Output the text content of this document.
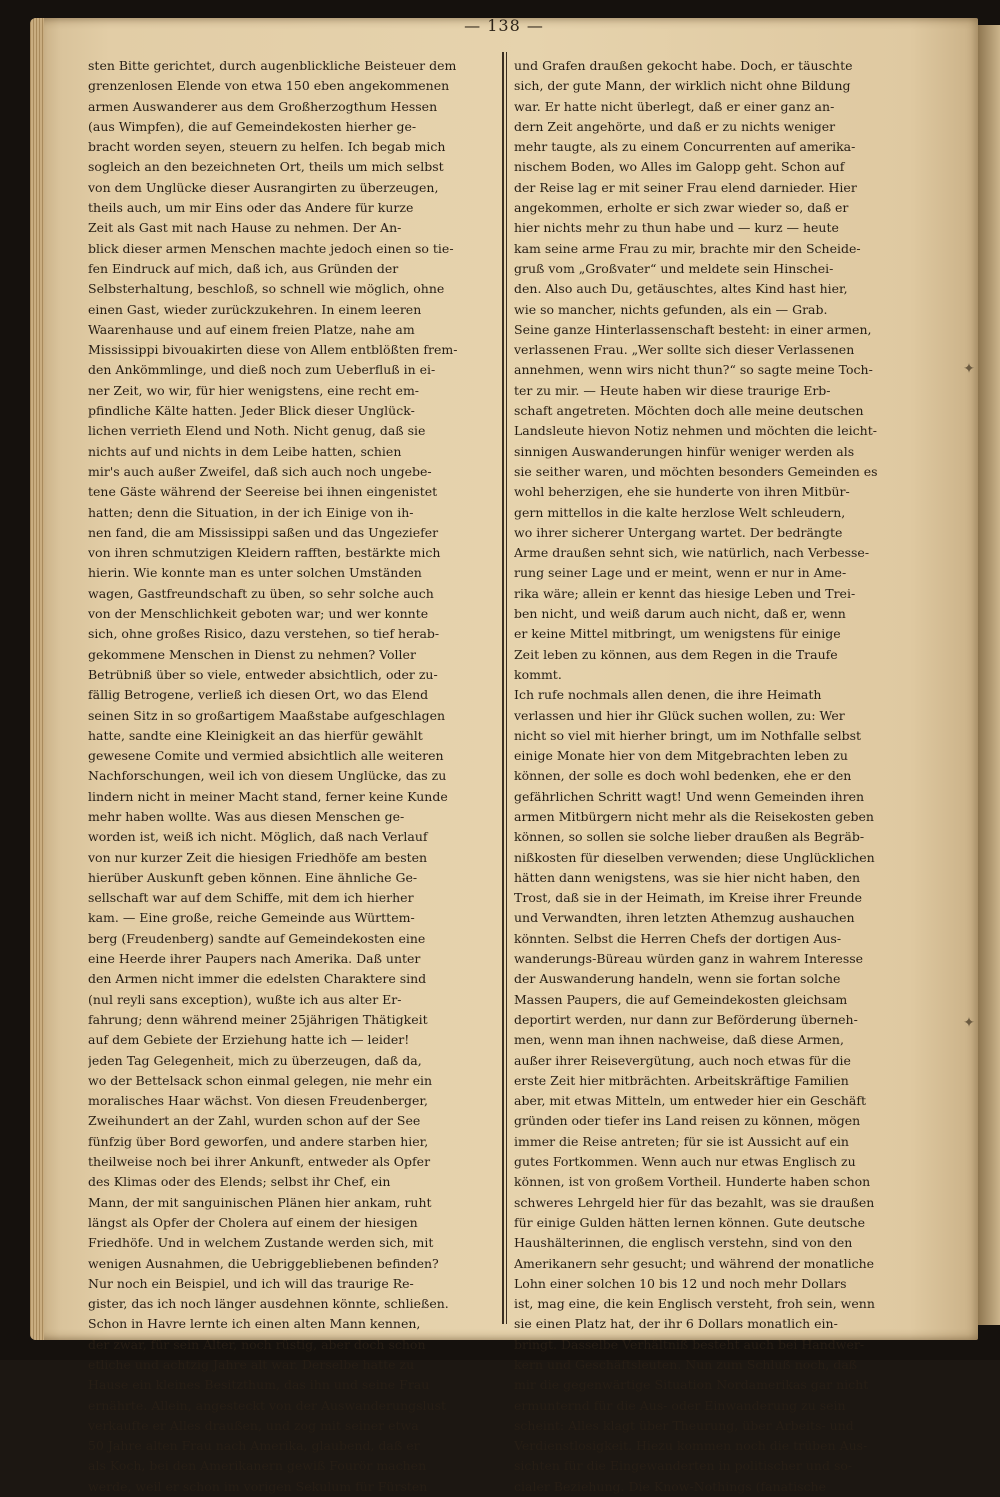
— 138 —
sten Bitte gerichtet, durch augenblickliche Beisteuer dem
grenzenlosen Elende von etwa 150 eben angekommenen
armen Auswanderer aus dem Großherzogthum Hessen
(aus Wimpfen), die auf Gemeindekosten hierher ge-
bracht worden seyen, steuern zu helfen. Ich begab mich
sogleich an den bezeichneten Ort, theils um mich selbst
von dem Unglücke dieser Ausrangirten zu überzeugen,
theils auch, um mir Eins oder das Andere für kurze
Zeit als Gast mit nach Hause zu nehmen. Der An-
blick dieser armen Menschen machte jedoch einen so tie-
fen Eindruck auf mich, daß ich, aus Gründen der
Selbsterhaltung, beschloß, so schnell wie möglich, ohne
einen Gast, wieder zurückzukehren. In einem leeren
Waarenhause und auf einem freien Platze, nahe am
Mississippi bivouakirten diese von Allem entblößten frem-
den Ankömmlinge, und dieß noch zum Ueberfluß in ei-
ner Zeit, wo wir, für hier wenigstens, eine recht em-
pfindliche Kälte hatten. Jeder Blick dieser Unglück-
lichen verrieth Elend und Noth. Nicht genug, daß sie
nichts auf und nichts in dem Leibe hatten, schien
mir's auch außer Zweifel, daß sich auch noch ungebe-
tene Gäste während der Seereise bei ihnen eingenistet
hatten; denn die Situation, in der ich Einige von ih-
nen fand, die am Mississippi saßen und das Ungeziefer
von ihren schmutzigen Kleidern rafften, bestärkte mich
hierin. Wie konnte man es unter solchen Umständen
wagen, Gastfreundschaft zu üben, so sehr solche auch
von der Menschlichkeit geboten war; und wer konnte
sich, ohne großes Risico, dazu verstehen, so tief herab-
gekommene Menschen in Dienst zu nehmen? Voller
Betrübniß über so viele, entweder absichtlich, oder zu-
fällig Betrogene, verließ ich diesen Ort, wo das Elend
seinen Sitz in so großartigem Maaßstabe aufgeschlagen
hatte, sandte eine Kleinigkeit an das hierfür gewählt
gewesene Comite und vermied absichtlich alle weiteren
Nachforschungen, weil ich von diesem Unglücke, das zu
lindern nicht in meiner Macht stand, ferner keine Kunde
mehr haben wollte. Was aus diesen Menschen ge-
worden ist, weiß ich nicht. Möglich, daß nach Verlauf
von nur kurzer Zeit die hiesigen Friedhöfe am besten
hierüber Auskunft geben können. Eine ähnliche Ge-
sellschaft war auf dem Schiffe, mit dem ich hierher
kam. — Eine große, reiche Gemeinde aus Württem-
berg (Freudenberg) sandte auf Gemeindekosten eine
eine Heerde ihrer Paupers nach Amerika. Daß unter
den Armen nicht immer die edelsten Charaktere sind
(nul reyli sans exception), wußte ich aus alter Er-
fahrung; denn während meiner 25jährigen Thätigkeit
auf dem Gebiete der Erziehung hatte ich — leider!
jeden Tag Gelegenheit, mich zu überzeugen, daß da,
wo der Bettelsack schon einmal gelegen, nie mehr ein
moralisches Haar wächst. Von diesen Freudenberger,
Zweihundert an der Zahl, wurden schon auf der See
fünfzig über Bord geworfen, und andere starben hier,
theilweise noch bei ihrer Ankunft, entweder als Opfer
des Klimas oder des Elends; selbst ihr Chef, ein
Mann, der mit sanguinischen Plänen hier ankam, ruht
längst als Opfer der Cholera auf einem der hiesigen
Friedhöfe. Und in welchem Zustande werden sich, mit
wenigen Ausnahmen, die Uebriggebliebenen befinden?
Nur noch ein Beispiel, und ich will das traurige Re-
gister, das ich noch länger ausdehnen könnte, schließen.
Schon in Havre lernte ich einen alten Mann kennen,
der zwar, für sein Alter, noch rüstig, aber doch schon
etliche und achtzig Jahre alt war. Derselbe hatte zu
Hause ein kleines Besitzthum, das ihn und seine Frau
ernährte. Allein, angesteckt von der Auswanderungslust
verkaufte er Alles draußen, und zog mit seiner etwa
50 Jahre alten Frau nach Amerika, glaubend, daß er
als Koch, bei den Amerikanern gewiß Fourör machen
werde, weil er schon im vorigen Sekulum für Fürsten
und Grafen draußen gekocht habe. Doch, er täuschte
sich, der gute Mann, der wirklich nicht ohne Bildung
war. Er hatte nicht überlegt, daß er einer ganz an-
dern Zeit angehörte, und daß er zu nichts weniger
mehr taugte, als zu einem Concurrenten auf amerika-
nischem Boden, wo Alles im Galopp geht. Schon auf
der Reise lag er mit seiner Frau elend darnieder. Hier
angekommen, erholte er sich zwar wieder so, daß er
hier nichts mehr zu thun habe und — kurz — heute
kam seine arme Frau zu mir, brachte mir den Scheide-
gruß vom „Großvater“ und meldete sein Hinschei-
den. Also auch Du, getäuschtes, altes Kind hast hier,
wie so mancher, nichts gefunden, als ein — Grab.
Seine ganze Hinterlassenschaft besteht: in einer armen,
verlassenen Frau. „Wer sollte sich dieser Verlassenen
annehmen, wenn wirs nicht thun?“ so sagte meine Toch-
ter zu mir. — Heute haben wir diese traurige Erb-
schaft angetreten. Möchten doch alle meine deutschen
Landsleute hievon Notiz nehmen und möchten die leicht-
sinnigen Auswanderungen hinfür weniger werden als
sie seither waren, und möchten besonders Gemeinden es
wohl beherzigen, ehe sie hunderte von ihren Mitbür-
gern mittellos in die kalte herzlose Welt schleudern,
wo ihrer sicherer Untergang wartet. Der bedrängte
Arme draußen sehnt sich, wie natürlich, nach Verbesse-
rung seiner Lage und er meint, wenn er nur in Ame-
rika wäre; allein er kennt das hiesige Leben und Trei-
ben nicht, und weiß darum auch nicht, daß er, wenn
er keine Mittel mitbringt, um wenigstens für einige
Zeit leben zu können, aus dem Regen in die Traufe
kommt.
Ich rufe nochmals allen denen, die ihre Heimath
verlassen und hier ihr Glück suchen wollen, zu: Wer
nicht so viel mit hierher bringt, um im Nothfalle selbst
einige Monate hier von dem Mitgebrachten leben zu
können, der solle es doch wohl bedenken, ehe er den
gefährlichen Schritt wagt! Und wenn Gemeinden ihren
armen Mitbürgern nicht mehr als die Reisekosten geben
können, so sollen sie solche lieber draußen als Begräb-
nißkosten für dieselben verwenden; diese Unglücklichen
hätten dann wenigstens, was sie hier nicht haben, den
Trost, daß sie in der Heimath, im Kreise ihrer Freunde
und Verwandten, ihren letzten Athemzug aushauchen
könnten. Selbst die Herren Chefs der dortigen Aus-
wanderungs-Büreau würden ganz in wahrem Interesse
der Auswanderung handeln, wenn sie fortan solche
Massen Paupers, die auf Gemeindekosten gleichsam
deportirt werden, nur dann zur Beförderung überneh-
men, wenn man ihnen nachweise, daß diese Armen,
außer ihrer Reisevergütung, auch noch etwas für die
erste Zeit hier mitbrächten. Arbeitskräftige Familien
aber, mit etwas Mitteln, um entweder hier ein Geschäft
gründen oder tiefer ins Land reisen zu können, mögen
immer die Reise antreten; für sie ist Aussicht auf ein
gutes Fortkommen. Wenn auch nur etwas Englisch zu
können, ist von großem Vortheil. Hunderte haben schon
schweres Lehrgeld hier für das bezahlt, was sie draußen
für einige Gulden hätten lernen können. Gute deutsche
Haushälterinnen, die englisch verstehn, sind von den
Amerikanern sehr gesucht; und während der monatliche
Lohn einer solchen 10 bis 12 und noch mehr Dollars
ist, mag eine, die kein Englisch versteht, froh sein, wenn
sie einen Platz hat, der ihr 6 Dollars monatlich ein-
bringt. Dasselbe Verhältniß besteht auch bei Handwer-
kern und Geschäftsleuten. Nun zum Schluß noch, daß
mir die gegenwärtige Situation Nordamerikas gar nicht
ermunternd für die Aus- oder Einwanderung zu sein
scheint: Alles klagt über Theurung, über Arbeits- und
Verdienstlosigkeit. Hiezu kommen noch die trüben Aus-
sichten für die Eingewanderten in politischer und so-
cialer Beziehung. Die Know-Nothings (fanatische
✦
✦
